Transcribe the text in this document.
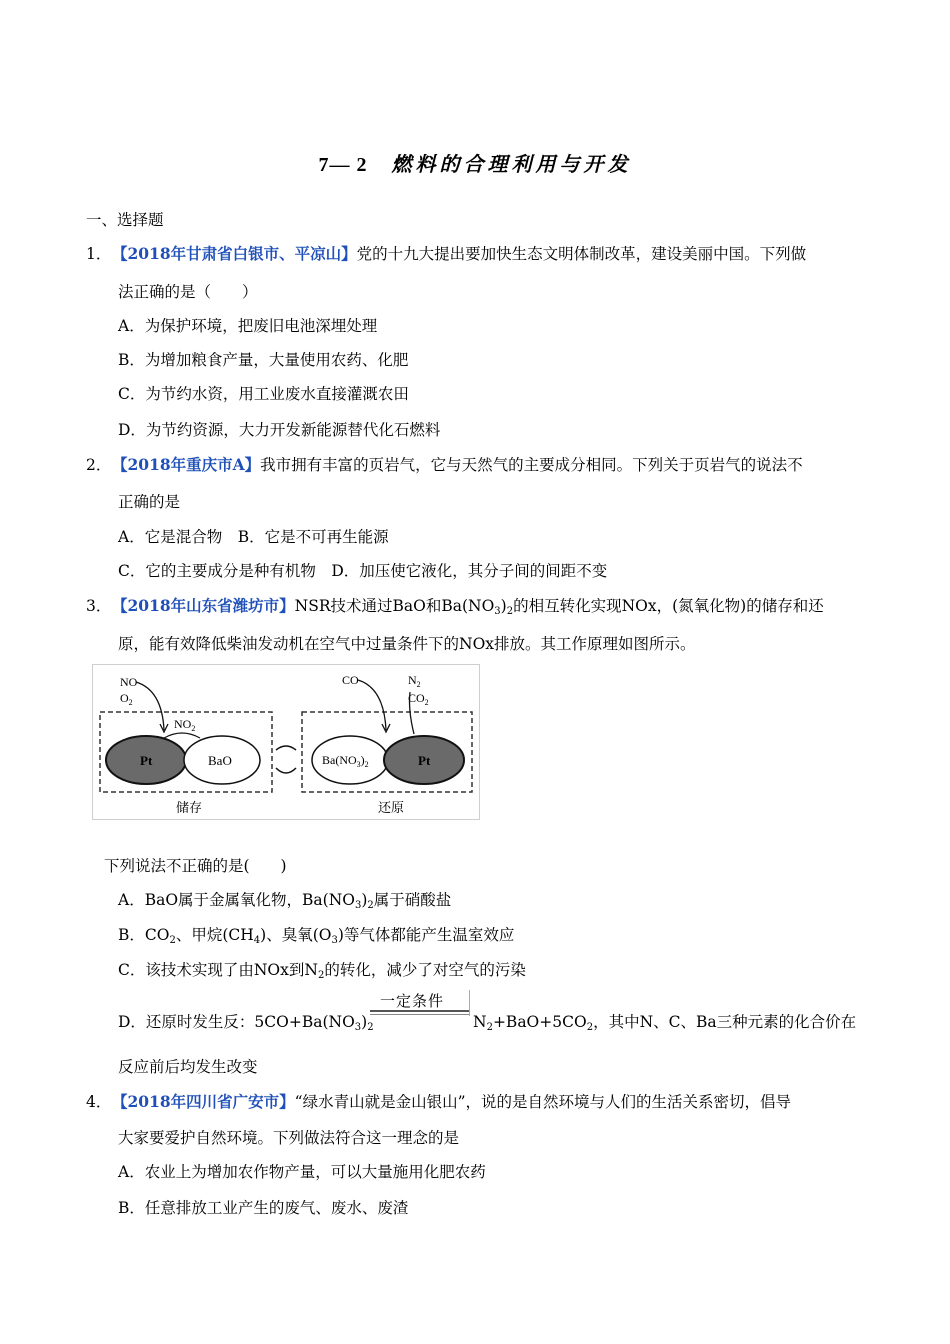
7— 2 燃料的合理利用与开发
一、选择题
1． 【2018年甘肃省白银市、平凉山】党的十九大提出要加快生态文明体制改革，建设美丽中国。下列做
法正确的是（　　）
A．为保护环境，把废旧电池深埋处理
B．为增加粮食产量，大量使用农药、化肥
C．为节约水资，用工业废水直接灌溉农田
D．为节约资源，大力开发新能源替代化石燃料
2． 【2018年重庆市A】我市拥有丰富的页岩气，它与天然气的主要成分相同。下列关于页岩气的说法不
正确的是
A．它是混合物　B．它是不可再生能源
C．它的主要成分是种有机物　D．加压使它液化，其分子间的间距不变
3． 【2018年山东省潍坊市】NSR技术通过BaO和$Ba(NO_3)_2$的相互转化实现NOx，(氮氧化物)的储存和还
原，能有效降低柴油发动机在空气中过量条件下的NOx排放。其工作原理如图所示。
Pt	BaO
NO
$O_2$
$NO_2$
$Ba(NO_3)_2$	Pt
CO	$N_2$
$CO_2$
储存	还原
下列说法不正确的是(　　)
A．BaO属于金属氧化物，$Ba(NO_3)_2$属于硝酸盐
B．$CO_2$、甲烷$(CH_4)$、臭氧$(O_3)$等气体都能产生温室效应
C．该技术实现了由NOx到$N_2$的转化，减少了对空气的污染
D．还原时发生反：$5CO+Ba(NO_3)_2$
一定条件
$N_2+BaO+5CO_2$，其中N、C、Ba三种元素的化合价在
反应前后均发生改变
4． 【2018年四川省广安市】“绿水青山就是金山银山”，说的是自然环境与人们的生活关系密切，倡导
大家要爱护自然环境。下列做法符合这一理念的是
A．农业上为增加农作物产量，可以大量施用化肥农药
B．任意排放工业产生的废气、废水、废渣
